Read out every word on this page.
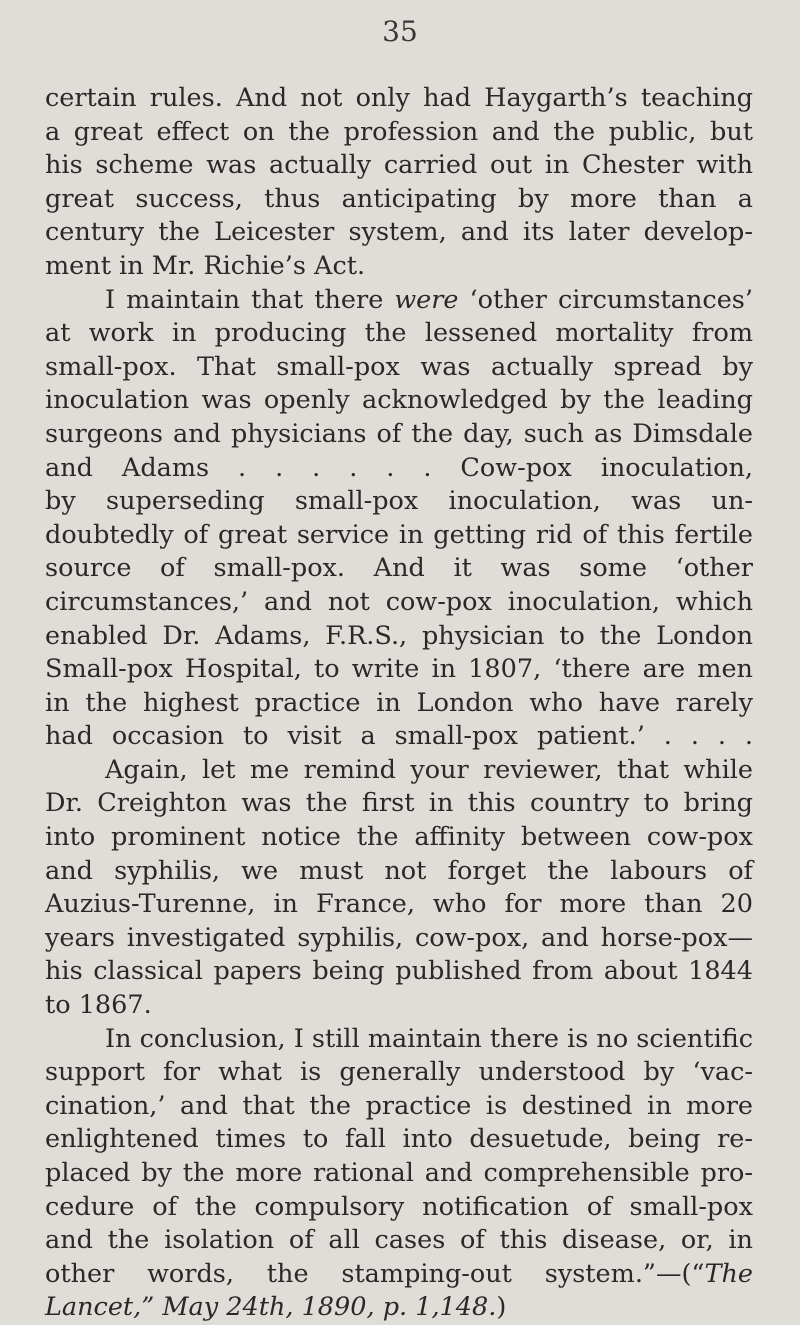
35
certain rules. And not only had Haygarth’s teaching
a great effect on the profession and the public, but
his scheme was actually carried out in Chester with
great success, thus anticipating by more than a
century the Leicester system, and its later develop-
ment in Mr. Richie’s Act.
I maintain that there were ‘other circumstances’
at work in producing the lessened mortality from
small-pox. That small-pox was actually spread by
inoculation was openly acknowledged by the leading
surgeons and physicians of the day, such as Dimsdale
and Adams . . . . . . Cow-pox inoculation,
by superseding small-pox inoculation, was un-
doubtedly of great service in getting rid of this fertile
source of small-pox. And it was some ‘other
circumstances,’ and not cow-pox inoculation, which
enabled Dr. Adams, F.R.S., physician to the London
Small-pox Hospital, to write in 1807, ‘there are men
in the highest practice in London who have rarely
had occasion to visit a small-pox patient.’ . . . .
Again, let me remind your reviewer, that while
Dr. Creighton was the first in this country to bring
into prominent notice the affinity between cow-pox
and syphilis, we must not forget the labours of
Auzius-Turenne, in France, who for more than 20
years investigated syphilis, cow-pox, and horse-pox—
his classical papers being published from about 1844
to 1867.
In conclusion, I still maintain there is no scientific
support for what is generally understood by ‘vac-
cination,’ and that the practice is destined in more
enlightened times to fall into desuetude, being re-
placed by the more rational and comprehensible pro-
cedure of the compulsory notification of small-pox
and the isolation of all cases of this disease, or, in
other words, the stamping-out system.”—(“The
Lancet,” May 24th, 1890, p. 1,148.)
